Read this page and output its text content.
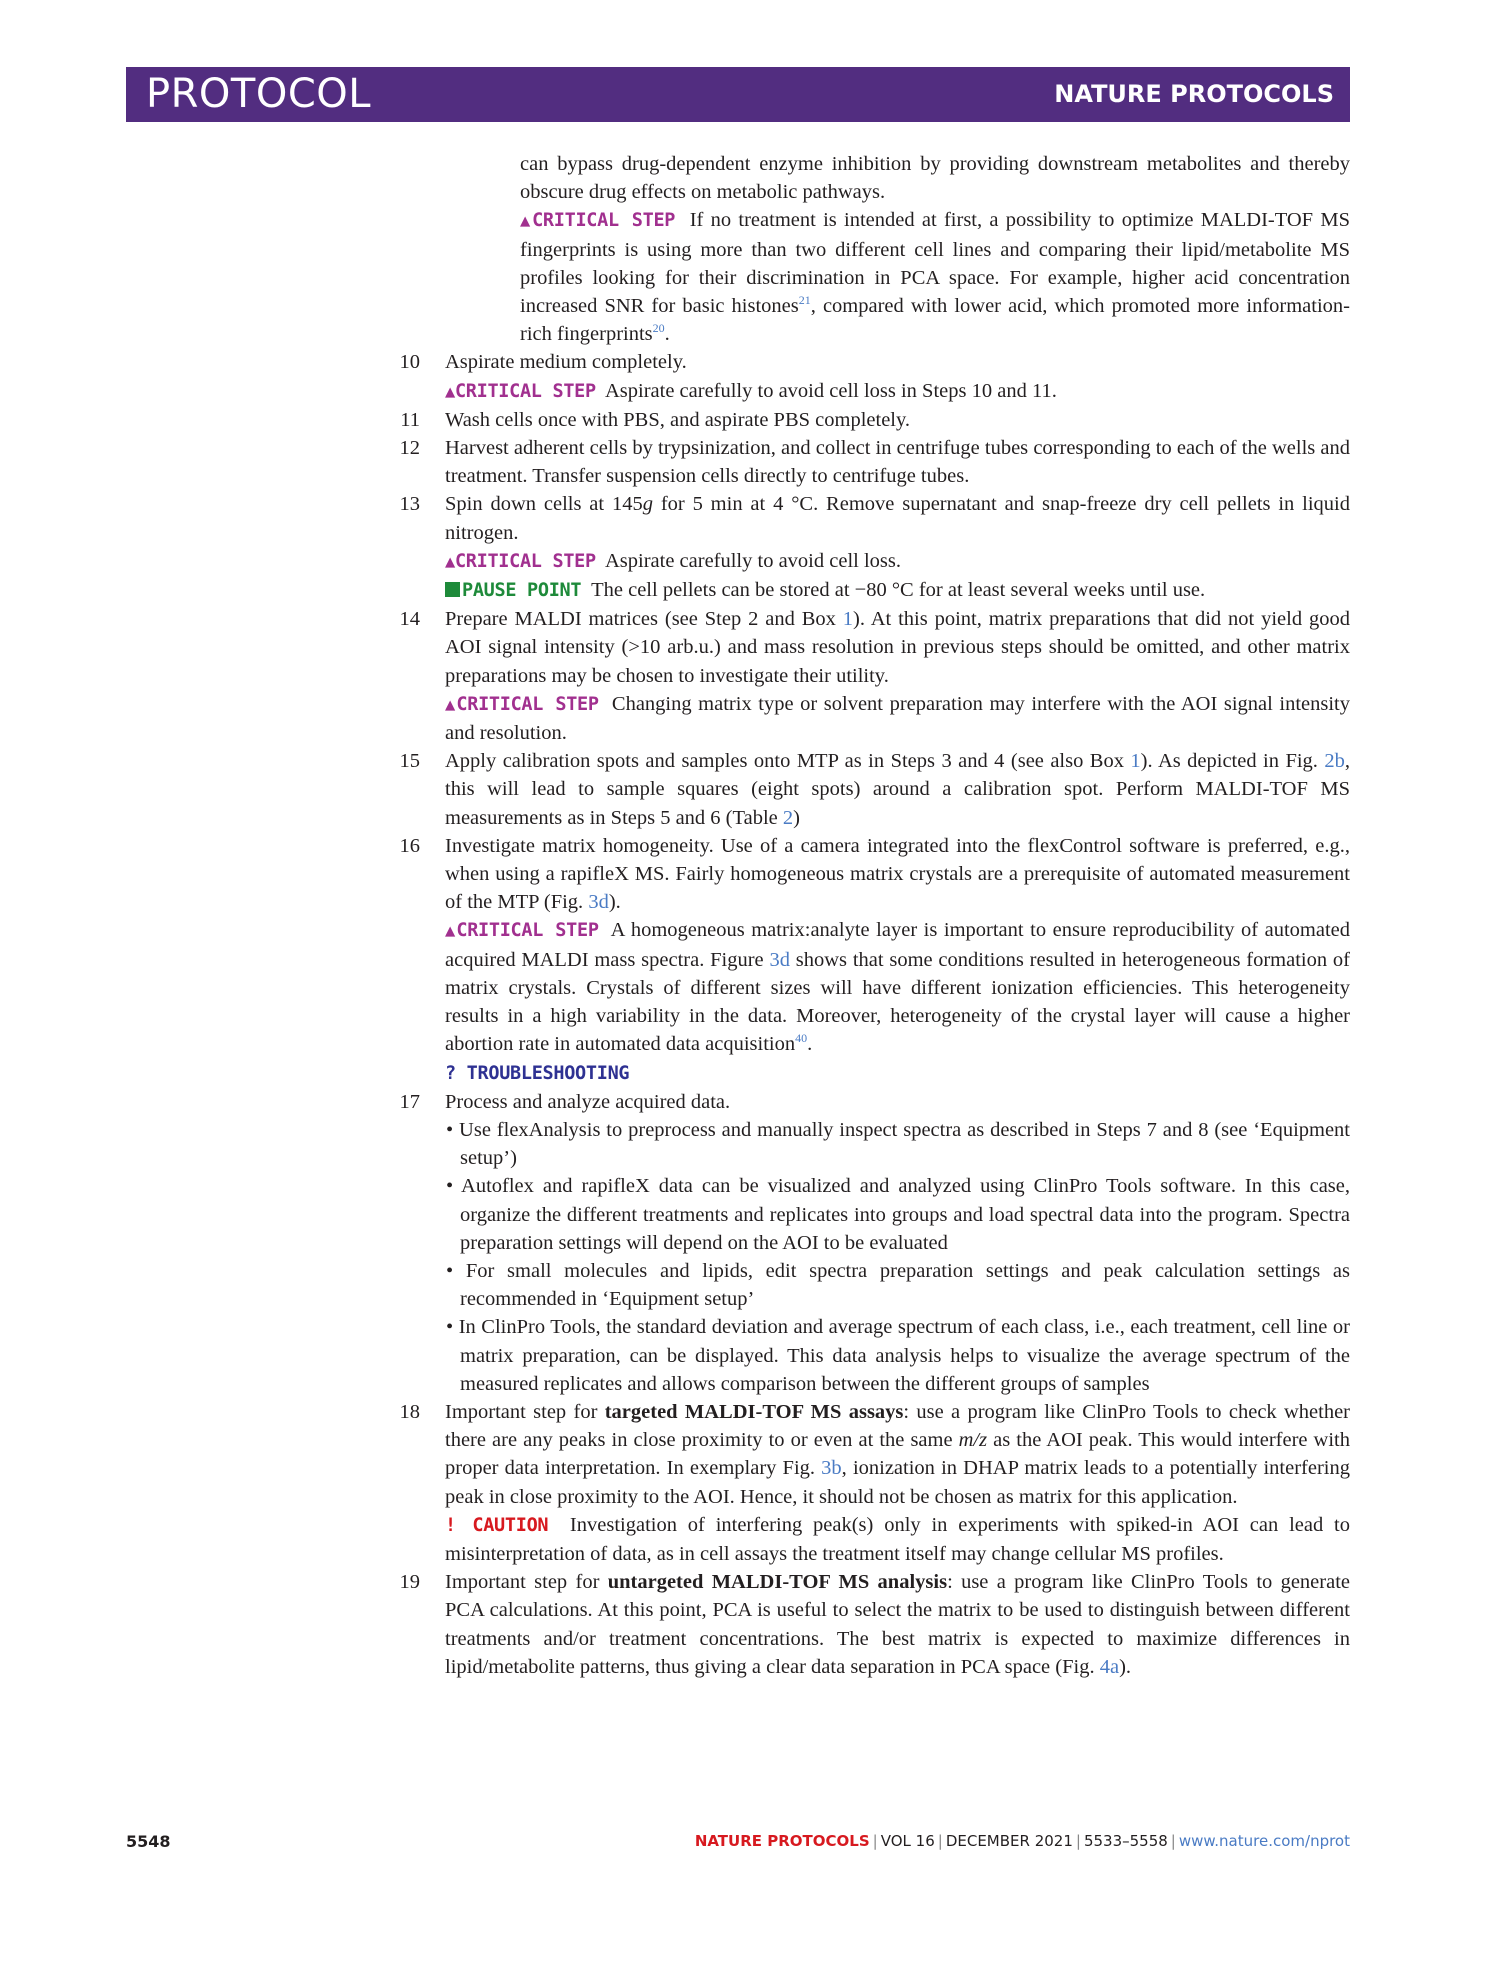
PROTOCOL	NATURE PROTOCOLS

can bypass drug-dependent enzyme inhibition by providing downstream metabolites and thereby obscure drug effects on metabolic pathways.

▲CRITICAL STEP If no treatment is intended at first, a possibility to optimize MALDI-TOF MS fingerprints is using more than two different cell lines and comparing their lipid/metabolite MS profiles looking for their discrimination in PCA space. For example, higher acid concentration increased SNR for basic histones$^{21}$, compared with lower acid, which promoted more information-rich fingerprints$^{20}$.

10 Aspirate medium completely.

▲CRITICAL STEP Aspirate carefully to avoid cell loss in Steps 10 and 11.

11 Wash cells once with PBS, and aspirate PBS completely.

12 Harvest adherent cells by trypsinization, and collect in centrifuge tubes corresponding to each of the wells and treatment. Transfer suspension cells directly to centrifuge tubes.

13 Spin down cells at 145g for 5 min at 4 °C. Remove supernatant and snap-freeze dry cell pellets in liquid nitrogen.

▲CRITICAL STEP Aspirate carefully to avoid cell loss.

PAUSE POINT The cell pellets can be stored at −80 °C for at least several weeks until use.

14 Prepare MALDI matrices (see Step 2 and Box 1). At this point, matrix preparations that did not yield good AOI signal intensity (>10 arb.u.) and mass resolution in previous steps should be omitted, and other matrix preparations may be chosen to investigate their utility.

▲CRITICAL STEP Changing matrix type or solvent preparation may interfere with the AOI signal intensity and resolution.

15 Apply calibration spots and samples onto MTP as in Steps 3 and 4 (see also Box 1). As depicted in Fig. 2b, this will lead to sample squares (eight spots) around a calibration spot. Perform MALDI-TOF MS measurements as in Steps 5 and 6 (Table 2)

16 Investigate matrix homogeneity. Use of a camera integrated into the flexControl software is preferred, e.g., when using a rapifleX MS. Fairly homogeneous matrix crystals are a prerequisite of automated measurement of the MTP (Fig. 3d).

▲CRITICAL STEP A homogeneous matrix:analyte layer is important to ensure reproducibility of automated acquired MALDI mass spectra. Figure 3d shows that some conditions resulted in heterogeneous formation of matrix crystals. Crystals of different sizes will have different ionization efficiencies. This heterogeneity results in a high variability in the data. Moreover, heterogeneity of the crystal layer will cause a higher abortion rate in automated data acquisition$^{40}$.

? TROUBLESHOOTING

17 Process and analyze acquired data.

• Use flexAnalysis to preprocess and manually inspect spectra as described in Steps 7 and 8 (see ‘Equipment setup’)

• Autoflex and rapifleX data can be visualized and analyzed using ClinPro Tools software. In this case, organize the different treatments and replicates into groups and load spectral data into the program. Spectra preparation settings will depend on the AOI to be evaluated

• For small molecules and lipids, edit spectra preparation settings and peak calculation settings as recommended in ‘Equipment setup’

• In ClinPro Tools, the standard deviation and average spectrum of each class, i.e., each treatment, cell line or matrix preparation, can be displayed. This data analysis helps to visualize the average spectrum of the measured replicates and allows comparison between the different groups of samples

18 Important step for targeted MALDI-TOF MS assays: use a program like ClinPro Tools to check whether there are any peaks in close proximity to or even at the same m/z as the AOI peak. This would interfere with proper data interpretation. In exemplary Fig. 3b, ionization in DHAP matrix leads to a potentially interfering peak in close proximity to the AOI. Hence, it should not be chosen as matrix for this application.

! CAUTION Investigation of interfering peak(s) only in experiments with spiked-in AOI can lead to misinterpretation of data, as in cell assays the treatment itself may change cellular MS profiles.

19 Important step for untargeted MALDI-TOF MS analysis: use a program like ClinPro Tools to generate PCA calculations. At this point, PCA is useful to select the matrix to be used to distinguish between different treatments and/or treatment concentrations. The best matrix is expected to maximize differences in lipid/metabolite patterns, thus giving a clear data separation in PCA space (Fig. 4a).

5548	NATURE PROTOCOLS | VOL 16 | DECEMBER 2021 | 5533–5558 | www.nature.com/nprot
